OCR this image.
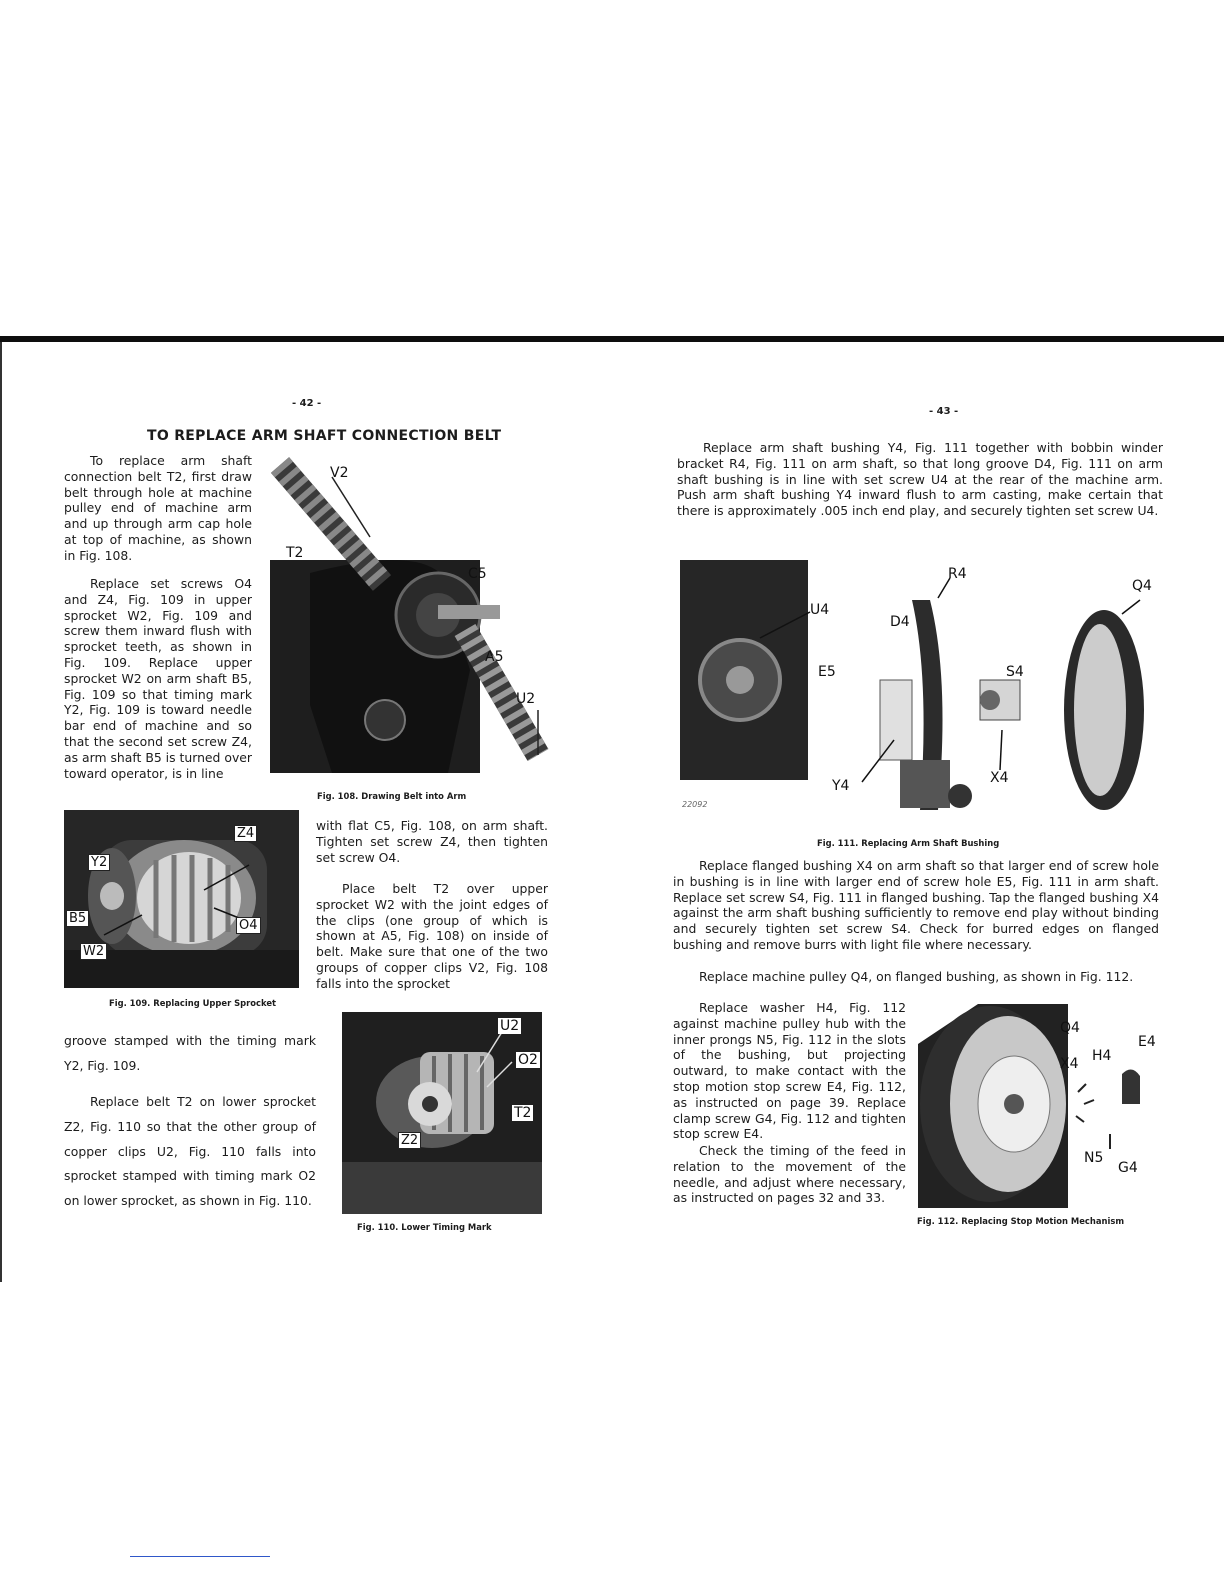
- 42 -
TO REPLACE ARM SHAFT CONNECTION BELT

To replace arm shaft connection belt T2, first draw belt through hole at machine pulley end of machine arm and up through arm cap hole at top of machine, as shown in Fig. 108.

Replace set screws O4 and Z4, Fig. 109 in upper sprocket W2, Fig. 109 and screw them inward flush with sprocket teeth, as shown in Fig. 109. Replace upper sprocket W2 on arm shaft B5, Fig. 109 so that timing mark Y2, Fig. 109 is toward needle bar end of machine and so that the second set screw Z4, as arm shaft B5 is turned over toward operator, is in line

V2
T2
C5
A5
U2
Fig. 108. Drawing Belt into Arm
Z4
Y2
B5	O4
W2
Fig. 109. Replacing Upper Sprocket

with flat C5, Fig. 108, on arm shaft. Tighten set screw Z4, then tighten set screw O4.

Place belt T2 over upper sprocket W2 with the joint edges of the clips (one group of which is shown at A5, Fig. 108) on inside of belt. Make sure that one of the two groups of copper clips V2, Fig. 108 falls into the sprocket

groove stamped with the timing mark Y2, Fig. 109.

Replace belt T2 on lower sprocket Z2, Fig. 110 so that the other group of copper clips U2, Fig. 110 falls into sprocket stamped with timing mark O2 on lower sprocket, as shown in Fig. 110.

U2
O2
T2
Z2
Fig. 110. Lower Timing Mark
- 43 -

Replace arm shaft bushing Y4, Fig. 111 together with bobbin winder bracket R4, Fig. 111 on arm shaft, so that long groove D4, Fig. 111 on arm shaft bushing is in line with set screw U4 at the rear of the machine arm. Push arm shaft bushing Y4 inward flush to arm casting, make certain that there is approximately .005 inch end play, and securely tighten set screw U4.

R4
Q4
U4
D4
E5	S4
Y4	X4
22092
Fig. 111. Replacing Arm Shaft Bushing

Replace flanged bushing X4 on arm shaft so that larger end of screw hole in bushing is in line with larger end of screw hole E5, Fig. 111 in arm shaft. Replace set screw S4, Fig. 111 in flanged bushing. Tap the flanged bushing X4 against the arm shaft bushing sufficiently to remove end play without binding and securely tighten set screw S4. Check for burred edges on flanged bushing and remove burrs with light file where necessary.

Replace machine pulley Q4, on flanged bushing, as shown in Fig. 112.

Replace washer H4, Fig. 112 against machine pulley hub with the inner prongs N5, Fig. 112 in the slots of the bushing, but projecting outward, to make contact with the stop motion stop screw E4, Fig. 112, as instructed on page 39. Replace clamp screw G4, Fig. 112 and tighten stop screw E4.

Check the timing of the feed in relation to the movement of the needle, and adjust where necessary, as instructed on pages 32 and 33.

Q4
E4
X4 H4
N5
G4
Fig. 112. Replacing Stop Motion Mechanism
